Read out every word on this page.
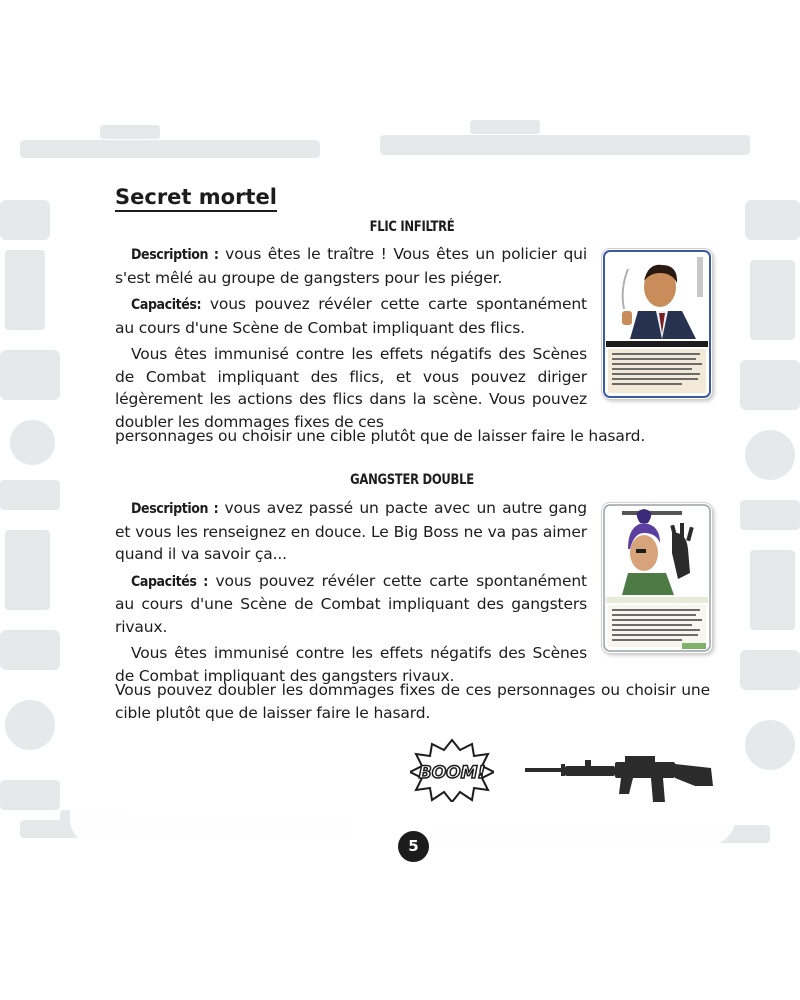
Secret mortel
FLIC INFILTRÉ

Description : vous êtes le traître ! Vous êtes un policier qui s'est mêlé au groupe de gangsters pour les piéger.

Capacités: vous pouvez révéler cette carte spontanément au cours d'une Scène de Combat impliquant des flics.

Vous êtes immunisé contre les effets négatifs des Scènes de Combat impliquant des flics, et vous pouvez diriger légèrement les actions des flics dans la scène. Vous pouvez doubler les dommages fixes de ces

personnages ou choisir une cible plutôt que de laisser faire le hasard.
GANGSTER DOUBLE

Description : vous avez passé un pacte avec un autre gang et vous les renseignez en douce. Le Big Boss ne va pas aimer quand il va savoir ça...

Capacités : vous pouvez révéler cette carte spontanément au cours d'une Scène de Combat impliquant des gangsters rivaux.

Vous êtes immunisé contre les effets négatifs des Scènes de Combat impliquant des gangsters rivaux.

Vous pouvez doubler les dommages fixes de ces personnages ou choisir une cible plutôt que de laisser faire le hasard.
BOOM!
5
